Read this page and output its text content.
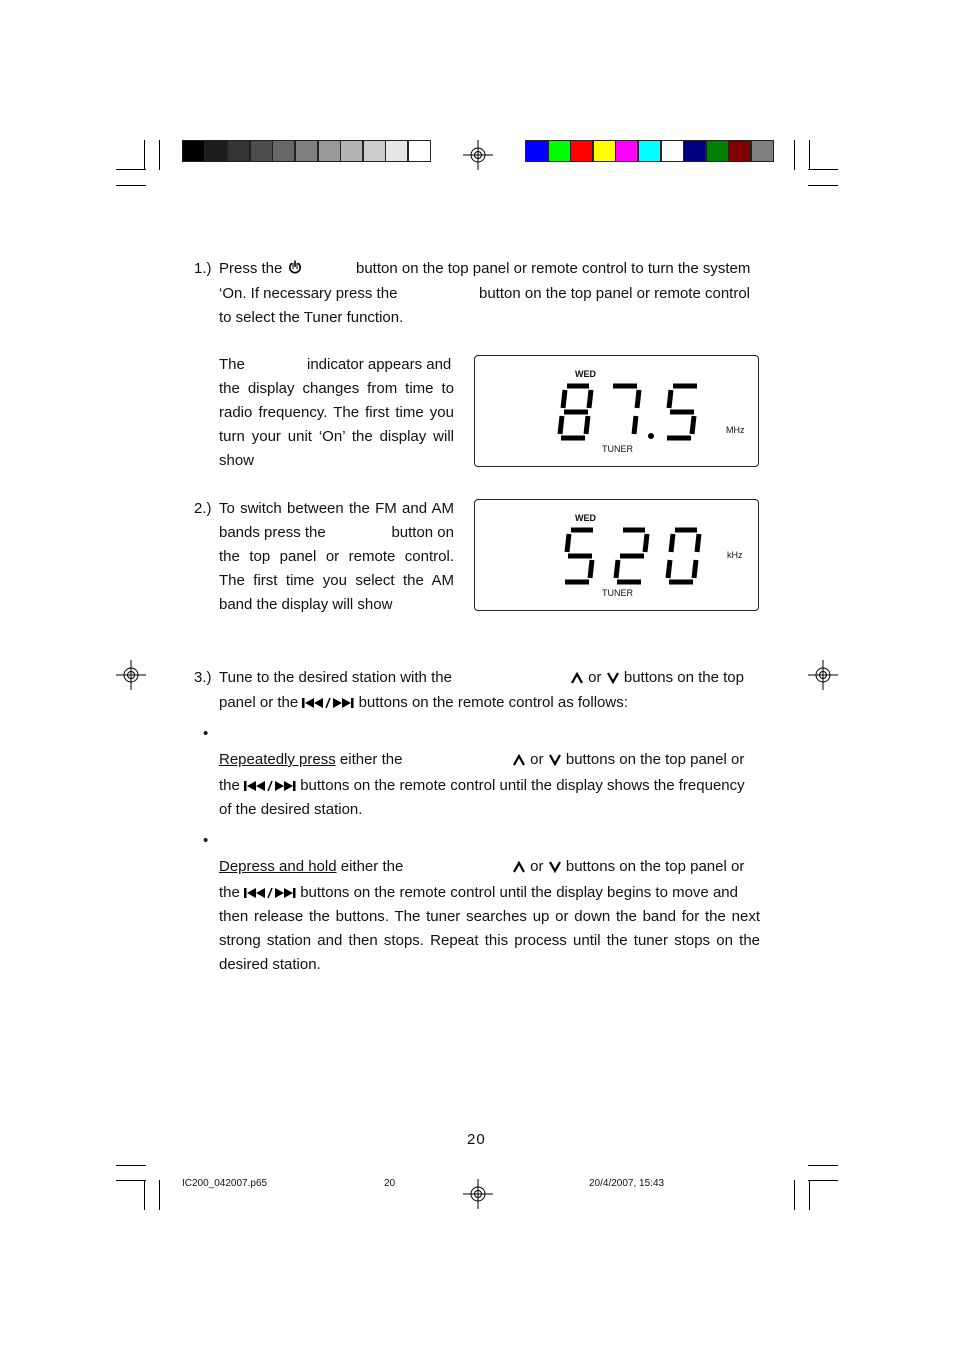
1.) Press the	button on the top panel or remote control to turn the system
‘On. If necessary press the	button on the top panel or remote control
to select the Tuner function.
The	indicator appears and
the display changes from time to
radio frequency. The first time you
turn your unit ‘On’ the display will
show
WED
MHz
TUNER
2.) To switch between the FM and AM
bands press the	button on
the top panel or remote control.
The first time you select the AM
band the display will show
WED
kHz
TUNER
3.) Tune to the desired station with the	or buttons on the top
panel or the	buttons on the remote control as follows:
•
Repeatedly press either the	or buttons on the top panel or
the	buttons on the remote control until the display shows the frequency
of the desired station.
•
Depress and hold either the	or buttons on the top panel or
the	buttons on the remote control until the display begins to move and
then release the buttons. The tuner searches up or down the band for the next
strong station and then stops. Repeat this process until the tuner stops on the
desired station.
20
IC200_042007.p65	20	20/4/2007, 15:43
